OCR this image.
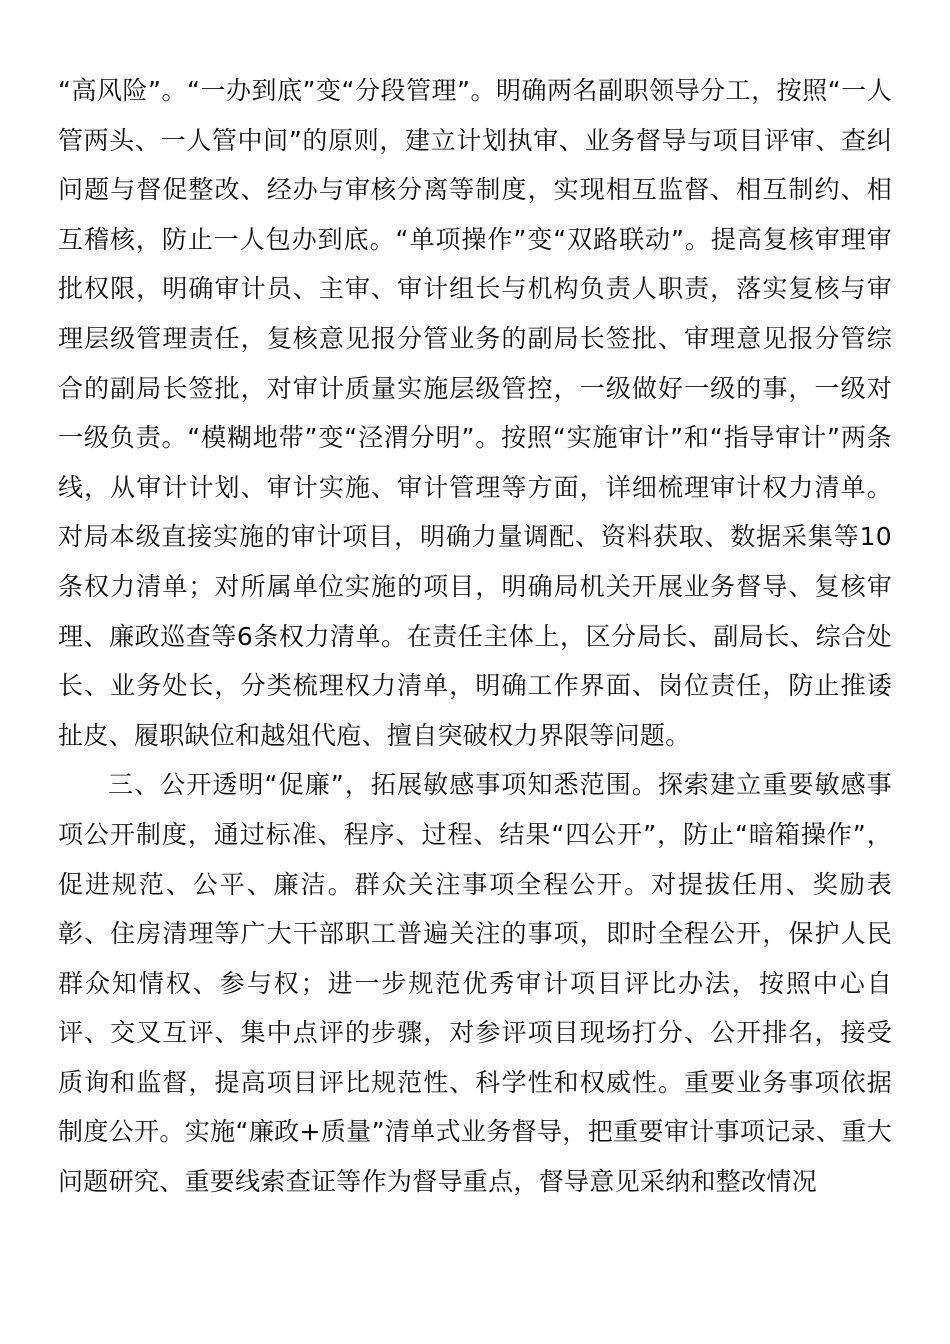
“高风险”。“一办到底”变“分段管理”。明确两名副职领导分工，按照“一人管两头、一人管中间”的原则，建立计划执审、业务督导与项目评审、查纠问题与督促整改、经办与审核分离等制度，实现相互监督、相互制约、相互稽核，防止一人包办到底。“单项操作”变“双路联动”。提高复核审理审批权限，明确审计员、主审、审计组长与机构负责人职责，落实复核与审理层级管理责任，复核意见报分管业务的副局长签批、审理意见报分管综合的副局长签批，对审计质量实施层级管控，一级做好一级的事，一级对一级负责。“模糊地带”变“泾渭分明”。按照“实施审计”和“指导审计”两条线，从审计计划、审计实施、审计管理等方面，详细梳理审计权力清单。对局本级直接实施的审计项目，明确力量调配、资料获取、数据采集等10条权力清单；对所属单位实施的项目，明确局机关开展业务督导、复核审理、廉政巡查等6条权力清单。在责任主体上，区分局长、副局长、综合处长、业务处长，分类梳理权力清单，明确工作界面、岗位责任，防止推诿扯皮、履职缺位和越俎代庖、擅自突破权力界限等问题。

三、公开透明“促廉”，拓展敏感事项知悉范围。探索建立重要敏感事项公开制度，通过标准、程序、过程、结果“四公开”，防止“暗箱操作”，促进规范、公平、廉洁。群众关注事项全程公开。对提拔任用、奖励表彰、住房清理等广大干部职工普遍关注的事项，即时全程公开，保护人民群众知情权、参与权；进一步规范优秀审计项目评比办法，按照中心自评、交叉互评、集中点评的步骤，对参评项目现场打分、公开排名，接受质询和监督，提高项目评比规范性、科学性和权威性。重要业务事项依据制度公开。实施“廉政+质量”清单式业务督导，把重要审计事项记录、重大问题研究、重要线索查证等作为督导重点，督导意见采纳和整改情况
